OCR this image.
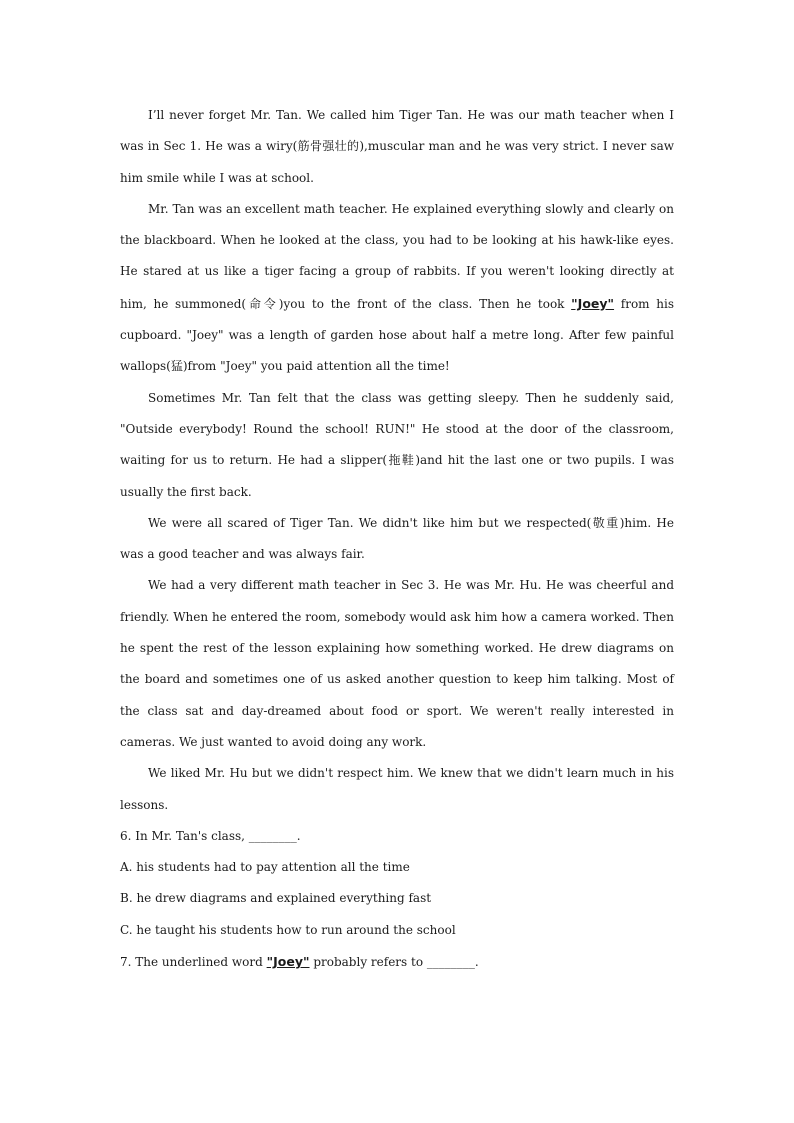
I’ll never forget Mr. Tan. We called him Tiger Tan. He was our math teacher when I was in Sec 1. He was a wiry(筋骨强壮的),muscular man and he was very strict. I never saw him smile while I was at school.

Mr. Tan was an excellent math teacher. He explained everything slowly and clearly on the blackboard. When he looked at the class, you had to be looking at his hawk-like eyes. He stared at us like a tiger facing a group of rabbits. If you weren't looking directly at him, he summoned(命令)you to the front of the class. Then he took "Joey" from his cupboard. "Joey" was a length of garden hose about half a metre long. After few painful wallops(猛)from "Joey" you paid attention all the time!

Sometimes Mr. Tan felt that the class was getting sleepy. Then he suddenly said, "Outside everybody! Round the school! RUN!" He stood at the door of the classroom, waiting for us to return. He had a slipper(拖鞋)and hit the last one or two pupils. I was usually the first back.

We were all scared of Tiger Tan. We didn't like him but we respected(敬重)him. He was a good teacher and was always fair.

We had a very different math teacher in Sec 3. He was Mr. Hu. He was cheerful and friendly. When he entered the room, somebody would ask him how a camera worked. Then he spent the rest of the lesson explaining how something worked. He drew diagrams on the board and sometimes one of us asked another question to keep him talking. Most of the class sat and day-dreamed about food or sport. We weren't really interested in cameras. We just wanted to avoid doing any work.

We liked Mr. Hu but we didn't respect him. We knew that we didn't learn much in his lessons.

6. In Mr. Tan's class, ________.

A. his students had to pay attention all the time

B. he drew diagrams and explained everything fast

C. he taught his students how to run around the school

7. The underlined word "Joey" probably refers to ________.
